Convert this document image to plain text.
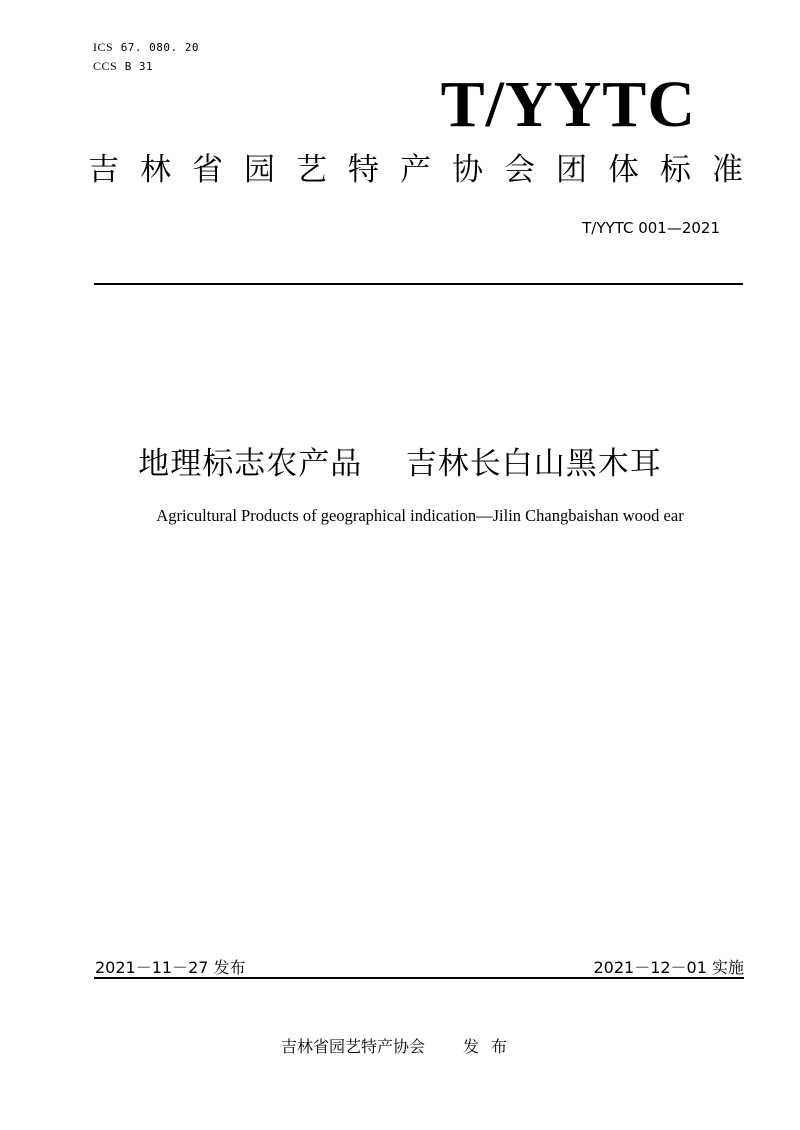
ICS 67. 080. 20
CCS B 31
T/YYTC
吉林省园艺特产协会团体标准
T/YYTC 001—2021
地理标志农产品    吉林长白山黑木耳
Agricultural Products of geographical indication—Jilin Changbaishan wood ear
2021－11－27 发布	2021－12－01 实施
吉林省园艺特产协会 发布
